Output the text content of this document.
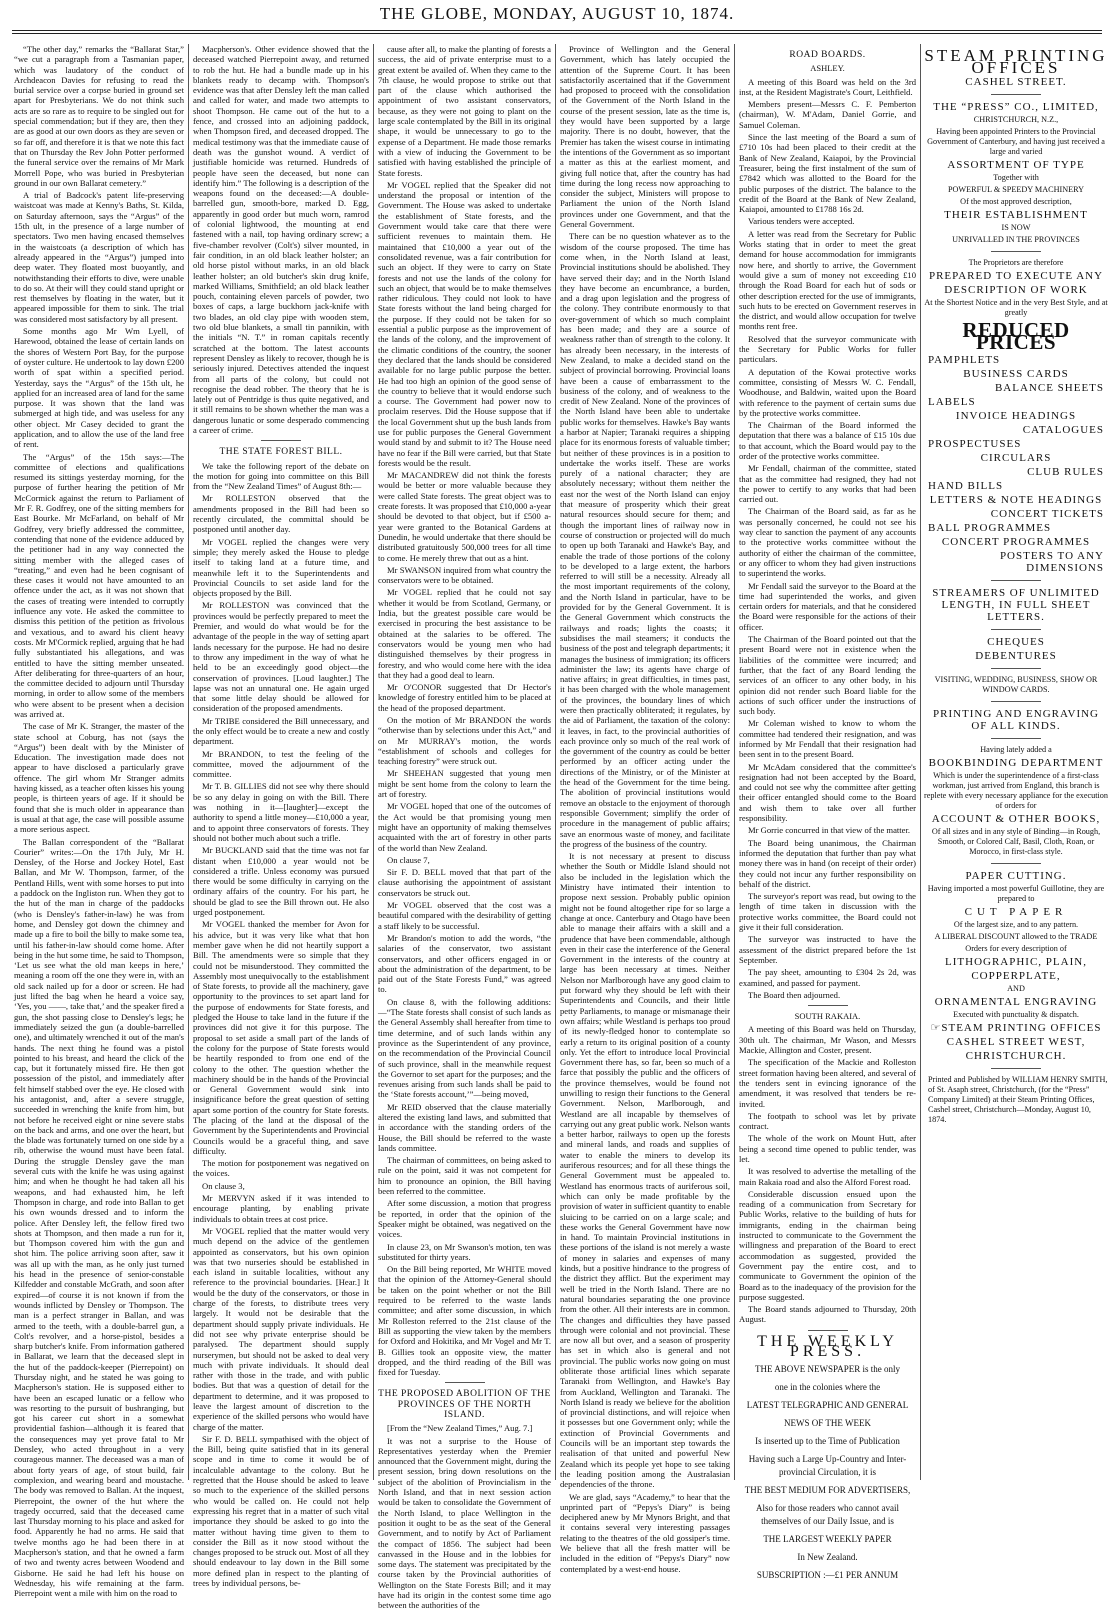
THE GLOBE, MONDAY, AUGUST 10, 1874.

“The other day,” remarks the “Ballarat Star,” “we cut a paragraph from a Tasmanian paper, which was laudatory of the conduct of Archdeacon Davies for refusing to read the burial service over a corpse buried in ground set apart for Presbyterians. We do not think such acts are so rare as to require to be singled out for special commendation; but if they are, then they are as good at our own doors as they are seven or so far off, and therefore it is that we note this fact that on Thursday the Rev John Potter performed the funeral service over the remains of Mr Mark Morrell Pope, who was buried in Presbyterian ground in our own Ballarat cemetery.”

A trial of Badcock's patent life-preserving waistcoat was made at Kenny's Baths, St. Kilda, on Saturday afternoon, says the “Argus” of the 15th ult, in the presence of a large number of spectators. Two men having encased themselves in the waistcoats (a description of which has already appeared in the “Argus”) jumped into deep water. They floated most buoyantly, and notwithstanding their efforts to dive, were unable to do so. At their will they could stand upright or rest themselves by floating in the water, but it appeared impossible for them to sink. The trial was considered most satisfactory by all present.

Some months ago Mr Wm Lyell, of Harewood, obtained the lease of certain lands on the shores of Western Port Bay, for the purpose of oyster culture. He undertook to lay down £200 worth of spat within a specified period. Yesterday, says the “Argus” of the 15th ult, he applied for an increased area of land for the same purpose. It was shown that the land was submerged at high tide, and was useless for any other object. Mr Casey decided to grant the application, and to allow the use of the land free of rent.

The “Argus” of the 15th says:—The committee of elections and qualifications resumed its sittings yesterday morning, for the purpose of further hearing the petition of Mr McCormick against the return to Parliament of Mr F. R. Godfrey, one of the sitting members for East Bourke. Mr McFarland, on behalf of Mr Godfrey, very briefly addressed the committee, contending that none of the evidence adduced by the petitioner had in any way connected the sitting member with the alleged cases of “treating,” and even had he been cognisant of these cases it would not have amounted to an offence under the act, as it was not shown that the cases of treating were intended to corruptly influence any vote. He asked the committee to dismiss this petition of the petition as frivolous and vexatious, and to award his client heavy costs. Mr M'Cormick replied, arguing that he had fully substantiated his allegations, and was entitled to have the sitting member unseated. After deliberating for three-quarters of an hour, the committee decided to adjourn until Thursday morning, in order to allow some of the members who were absent to be present when a decision was arrived at.

The case of Mr K. Stranger, the master of the state school at Coburg, has not (says the “Argus”) been dealt with by the Minister of Education. The investigation made does not appear to have disclosed a particularly grave offence. The girl whom Mr Stranger admits having kissed, as a teacher often kisses his young people, is thirteen years of age. If it should be found that she is much older in appearance than is usual at that age, the case will possible assume a more serious aspect.

The Ballan correspondent of the “Ballarat Courier” writes:—On the 17th July, Mr H. Densley, of the Horse and Jockey Hotel, East Ballan, and Mr W. Thompson, farmer, of the Pentland Hills, went with some horses to put into a paddock on the Ingliston run. When they got to the hut of the man in charge of the paddocks (who is Densley's father-in-law) he was from home, and Densley got down the chimney and made up a fire to boil the billy to make some tea, until his father-in-law should come home. After being in the hut some time, he said to Thompson, ‘Let us see what the old man keeps in here,’ meaning a room off the one they were in, with an old sack nailed up for a door or screen. He had just lifted the bag when he heard a voice say, ‘Yes, you ——, take that,’ and the speaker fired a gun, the shot passing close to Densley's legs; he immediately seized the gun (a double-barrelled one), and ultimately wrenched it out of the man's hands. The next thing he found was a pistol pointed to his breast, and heard the click of the cap, but it fortunately missed fire. He then got possession of the pistol, and immediately after felt himself stabbed over the eye. He closed with his antagonist, and, after a severe struggle, succeeded in wrenching the knife from him, but not before he received eight or nine severe stabs on the back and arms, and one over the heart, but the blade was fortunately turned on one side by a rib, otherwise the wound must have been fatal. During the struggle Densley gave the man several cuts with the knife he was using against him; and when he thought he had taken all his weapons, and had exhausted him, he left Thompson in charge, and rode into Ballan to get his own wounds dressed and to inform the police. After Densley left, the fellow fired two shots at Thompson, and then made a run for it, but Thompson covered him with the gun and shot him. The police arriving soon after, saw it was all up with the man, as he only just turned his head in the presence of senior-constable Kilfedder and constable McGrath, and soon after expired—of course it is not known if from the wounds inflicted by Densley or Thompson. The man is a perfect stranger in Ballan, and was armed to the teeth, with a double-barrel gun, a Colt's revolver, and a horse-pistol, besides a sharp butcher's knife. From information gathered in Ballarat, we learn that the deceased slept in the hut of the paddock-keeper (Pierrepoint) on Thursday night, and he stated he was going to Macpherson's station. He is supposed either to have been an escaped lunatic or a fellow who was resorting to the pursuit of bushranging, but got his career cut short in a somewhat providential fashion—although it is feared that the consequences may yet prove fatal to Mr Densley, who acted throughout in a very courageous manner. The deceased was a man of about forty years of age, of stout build, fair complexion, and wearing beard and moustache. The body was removed to Ballan. At the inquest, Pierrepoint, the owner of the hut where the tragedy occurred, said that the deceased came last Thursday morning to his place and asked for food. Apparently he had no arms. He said that twelve months ago he had been there in at Macpherson's station, and that he owned a farm of two and twenty acres between Woodend and Gisborne. He said he had left his house on Wednesday, his wife remaining at the farm. Pierrepoint went a mile with him on the road to

Macpherson's. Other evidence showed that the deceased watched Pierrepoint away, and returned to rob the hut. He had a bundle made up in his blankets ready to decamp with. Thompson's evidence was that after Densley left the man called and called for water, and made two attempts to shoot Thompson. He came out of the hut to a fence, and crossed into an adjoining paddock, when Thompson fired, and deceased dropped. The medical testimony was that the immediate cause of death was the gunshot wound. A verdict of justifiable homicide was returned. Hundreds of people have seen the deceased, but none can identify him.” The following is a description of the weapons found on the deceased:—A double-barrelled gun, smooth-bore, marked D. Egg, apparently in good order but much worn, ramrod of colonial lightwood, the mounting at end fastened with a nail, top having ordinary screw; a five-chamber revolver (Colt's) silver mounted, in fair condition, in an old black leather holster; an old horse pistol without marks, in an old black leather holster; an old butcher's skin drug knife, marked Williams, Smithfield; an old black leather pouch, containing eleven parcels of powder, two boxes of caps, a large buckhorn jack-knife with two blades, an old clay pipe with wooden stem, two old blue blankets, a small tin pannikin, with the initials “N. T.” in roman capitals recently scratched at the bottom. The latest accounts represent Densley as likely to recover, though he is seriously injured. Detectives attended the inquest from all parts of the colony, but could not recognise the dead robber. The theory that he is lately out of Pentridge is thus quite negatived, and it still remains to be shown whether the man was a dangerous lunatic or some desperado commencing a career of crime.

THE STATE FOREST BILL.

We take the following report of the debate on the motion for going into committee on this Bill from the “New Zealand Times” of August 8th:—

Mr ROLLESTON observed that the amendments proposed in the Bill had been so recently circulated, the committal should be postponed until another day.

Mr VOGEL replied the changes were very simple; they merely asked the House to pledge itself to taking land at a future time, and meanwhile left it to the Superintendents and Provincial Councils to set aside land for the objects proposed by the Bill.

Mr ROLLESTON was convinced that the provinces would be perfectly prepared to meet the Premier, and would do what would be for the advantage of the people in the way of setting apart lands necessary for the purpose. He had no desire to throw any impediment in the way of what he held to be an exceedingly good object—the conservation of provinces. [Loud laughter.] The lapse was not an unnatural one. He again urged that some little delay should be allowed for consideration of the proposed amendments.

Mr TRIBE considered the Bill unnecessary, and the only effect would be to create a new and costly department.

Mr BRANDON, to test the feeling of the committee, moved the adjournment of the committee.

Mr T. B. GILLIES did not see why there should be so any delay in going on with the Bill. There was nothing in it—[laughter]—except the authority to spend a little money—£10,000 a year, and to appoint three conservators of forests. They should not bother much about such a trifle.

Mr BUCKLAND said that the time was not far distant when £10,000 a year would not be considered a trifle. Unless economy was pursued there would be some difficulty in carrying on the ordinary affairs of the country. For his part, he should be glad to see the Bill thrown out. He also urged postponement.

Mr VOGEL thanked the member for Avon for his advice, but it was very like what that hon member gave when he did not heartily support a Bill. The amendments were so simple that they could not be misunderstood. They committed the Assembly most unequivocally to the establishment of State forests, to provide all the machinery, gave opportunity to the provinces to set apart land for the purpose of endowments for State forests, and pledged the House to take land in the future if the provinces did not give it for this purpose. The proposal to set aside a small part of the lands of the colony for the purpose of State forests would be heartily responded to from one end of the colony to the other. The question whether the machinery should be in the hands of the Provincial or General Government would sink into insignificance before the great question of setting apart some portion of the country for State forests. The placing of the land at the disposal of the Government by the Superintendents and Provincial Councils would be a graceful thing, and save difficulty.

The motion for postponement was negatived on the voices.

On clause 3,

Mr MERVYN asked if it was intended to encourage planting, by enabling private individuals to obtain trees at cost price.

Mr VOGEL replied that the matter would very much depend on the advice of the gentlemen appointed as conservators, but his own opinion was that two nurseries should be established in each island in suitable localities, without any reference to the provincial boundaries. [Hear.] It would be the duty of the conservators, or those in charge of the forests, to distribute trees very largely. It would not be desirable that the department should supply private individuals. He did not see why private enterprise should be paralysed. The department should supply nurserymen, but should not be asked to deal very much with private individuals. It should deal rather with those in the trade, and with public bodies. But that was a question of detail for the department to determine, and it was proposed to leave the largest amount of discretion to the experience of the skilled persons who would have charge of the matter.

Sir F. D. BELL sympathised with the object of the Bill, being quite satisfied that in its general scope and in time to come it would be of incalculable advantage to the colony. But he regretted that the House should be asked to leave so much to the experience of the skilled persons who would be called on. He could not help expressing his regret that in a matter of such vital importance they should be asked to go into the matter without having time given to them to consider the Bill as it now stood without the changes proposed to be struck out. Most of all they should endeavour to lay down in the Bill some more defined plan in respect to the planting of trees by individual persons, be-

cause after all, to make the planting of forests a success, the aid of private enterprise must to a great extent be availed of. When they came to the 7th clause, he would propose to strike out that part of the clause which authorised the appointment of two assistant conservators, because, as they were not going to plant on the large scale contemplated by the Bill in its original shape, it would be unnecessary to go to the expense of a Department. He made those remarks with a view of inducing the Government to be satisfied with having established the principle of State forests.

Mr VOGEL replied that the Speaker did not understand the proposal or intention of the Government. The House was asked to undertake the establishment of State forests, and the Government would take care that there were sufficient revenues to maintain them. He maintained that £10,000 a year out of the consolidated revenue, was a fair contribution for such an object. If they were to carry on State forests and not use the lands of the colony for such an object, that would be to make themselves rather ridiculous. They could not look to have State forests without the land being charged for the purpose. If they could not be taken for so essential a public purpose as the improvement of the lands of the colony, and the improvement of the climatic conditions of the country, the sooner they declared that the lands should be considered available for no large public purpose the better. He had too high an opinion of the good sense of the country to believe that it would endorse such a course. The Government had power now to proclaim reserves. Did the House suppose that if the local Government shut up the bush lands from use for public purposes the General Government would stand by and submit to it? The House need have no fear if the Bill were carried, but that State forests would be the result.

Mr MACANDREW did not think the forests would be better or more valuable because they were called State forests. The great object was to create forests. It was proposed that £10,000 a-year should be devoted to that object, but if £500 a-year were granted to the Botanical Gardens at Dunedin, he would undertake that there should be distributed gratuitously 500,000 trees for all time to come. He merely threw that out as a hint.

Mr SWANSON inquired from what country the conservators were to be obtained.

Mr VOGEL replied that he could not say whether it would be from Scotland, Germany, or India, but the greatest possible care would be exercised in procuring the best assistance to be obtained at the salaries to be offered. The conservators would be young men who had distinguished themselves by their progress in forestry, and who would come here with the idea that they had a good deal to learn.

Mr O'CONOR suggested that Dr Hector's knowledge of forestry entitled him to be placed at the head of the proposed department.

On the motion of Mr BRANDON the words “otherwise than by selections under this Act,” and on Mr MURRAY's motion, the words “establishment of schools and colleges for teaching forestry” were struck out.

Mr SHEEHAN suggested that young men might be sent home from the colony to learn the art of forestry.

Mr VOGEL hoped that one of the outcomes of the Act would be that promising young men might have an opportunity of making themselves acquainted with the art of forestry in other parts of the world than New Zealand.

On clause 7,

Sir F. D. BELL moved that that part of the clause authorising the appointment of assistant conservators be struck out.

Mr VOGEL observed that the cost was a beautiful compared with the desirability of getting a staff likely to be successful.

Mr Brandon's motion to add the words, “the salaries of the conservator, two assistant conservators, and other officers engaged in or about the administration of the department, to be paid out of the State Forests Fund,” was agreed to.

On clause 8, with the following additions:—“The State forests shall consist of such lands as the General Assembly shall hereafter from time to time determine, and of such lands within any province as the Superintendent of any province, on the recommendation of the Provincial Council of such province, shall in the meanwhile request the Governor to set apart for the purposes; and the revenues arising from such lands shall be paid to the ‘State forests account,’”—being moved,

Mr REID observed that the clause materially altered the existing land laws, and submitted that in accordance with the standing orders of the House, the Bill should be referred to the waste lands committee.

The chairman of committees, on being asked to rule on the point, said it was not competent for him to pronounce an opinion, the Bill having been referred to the committee.

After some discussion, a motion that progress be reported, in order that the opinion of the Speaker might be obtained, was negatived on the voices.

In clause 23, on Mr Swanson's motion, ten was substituted for thirty years.

On the Bill being reported, Mr WHITE moved that the opinion of the Attorney-General should be taken on the point whether or not the Bill required to be referred to the waste lands committee; and after some discussion, in which Mr Rolleston referred to the 21st clause of the Bill as supporting the view taken by the members for Oxford and Hokitika, and Mr Vogel and Mr T. B. Gillies took an opposite view, the matter dropped, and the third reading of the Bill was fixed for Tuesday.

THE PROPOSED ABOLITION OF THE PROVINCES OF THE NORTH ISLAND.

[From the “New Zealand Times,” Aug. 7.]

It was not a surprise to the House of Representatives yesterday when the Premier announced that the Government might, during the present session, bring down resolutions on the subject of the abolition of Provincialism in the North Island, and that in next session action would be taken to consolidate the Government of the North Island, to place Wellington in the position it ought to be as the seat of the General Government, and to notify by Act of Parliament the compact of 1856. The subject had been canvassed in the House and in the lobbies for some days. The statement was precipitated by the course taken by the Provincial authorities of Wellington on the State Forests Bill; and it may have had its origin in the contest some time ago between the authorities of the

Province of Wellington and the General Government, which has lately occupied the attention of the Supreme Court. It has been satisfactorily ascertained that if the Government had proposed to proceed with the consolidation of the Government of the North Island in the course of the present session, late as the time is, they would have been supported by a large majority. There is no doubt, however, that the Premier has taken the wisest course in intimating the intentions of the Government as so important a matter as this at the earliest moment, and giving full notice that, after the country has had time during the long recess now approaching to consider the subject, Ministers will propose to Parliament the union of the North Island provinces under one Government, and that the General Government.

There can be no question whatever as to the wisdom of the course proposed. The time has come when, in the North Island at least, Provincial institutions should be abolished. They have served their day; and in the North Island they have become an encumbrance, a burden, and a drag upon legislation and the progress of the colony. They contribute enormously to that over-government of which so much complaint has been made; and they are a source of weakness rather than of strength to the colony. It has already been necessary, in the interests of New Zealand, to make a decided stand on the subject of provincial borrowing. Provincial loans have been a cause of embarrassment to the business of the colony, and of weakness to the credit of New Zealand. None of the provinces of the North Island have been able to undertake public works for themselves. Hawke's Bay wants a harbor at Napier; Taranaki requires a shipping place for its enormous forests of valuable timber; but neither of these provinces is in a position to undertake the works itself. These are works purely of a national character; they are absolutely necessary; without them neither the east nor the west of the North Island can enjoy that measure of prosperity which their great natural resources should secure for them; and though the important lines of railway now in course of construction or projected will do much to open up both Taranaki and Hawke's Bay, and enable the trade of those portions of the colony to be developed to a large extent, the harbors referred to will still be a necessity. Already all the most important requirements of the colony, and the North Island in particular, have to be provided for by the General Government. It is the General Government which constructs the railways and roads; lights the coasts; it subsidises the mail steamers; it conducts the business of the post and telegraph departments; it manages the business of immigration; its officers administer the law; its agents have charge of native affairs; in great difficulties, in times past, it has been charged with the whole management of the provinces, the boundary lines of which were then practically obliterated; it regulates, by the aid of Parliament, the taxation of the colony: it leaves, in fact, to the provincial authorities of each province only so much of the real work of the government of the country as could be better performed by an officer acting under the directions of the Ministry, or of the Minister at the head of the Government for the time being. The abolition of provincial institutions would remove an obstacle to the enjoyment of thorough responsible Government; simplify the order of procedure in the management of public affairs; save an enormous waste of money, and facilitate the progress of the business of the country.

It is not necessary at present to discuss whether the South or Middle Island should not also be included in the legislation which the Ministry have intimated their intention to propose next session. Probably public opinion might not be found altogether ripe for so large a change at once. Canterbury and Otago have been able to manage their affairs with a skill and a prudence that have been commendable, although even in their case the interference of the General Government in the interests of the country at large has been necessary at times. Neither Nelson nor Marlborough have any good claim to put forward why they should be left with their Superintendents and Councils, and their little petty Parliaments, to manage or mismanage their own affairs; while Westland is perhaps too proud of its newly-fledged honor to contemplate so early a return to its original position of a county only. Yet the effort to introduce local Provincial Government there has, so far, been so much of a farce that possibly the public and the officers of the province themselves, would be found not unwilling to resign their functions to the General Government. Nelson, Marlborough, and Westland are all incapable by themselves of carrying out any great public work. Nelson wants a better harbor, railways to open up the forests and mineral lands, and roads and supplies of water to enable the miners to develop its auriferous resources; and for all these things the General Government must be appealed to. Westland has enormous tracts of auriferous soil, which can only be made profitable by the provision of water in sufficient quantity to enable sluicing to be carried on on a large scale; and these works the General Government have now in hand. To maintain Provincial institutions in these portions of the island is not merely a waste of money in salaries and expenses of many kinds, but a positive hindrance to the progress of the district they afflict. But the experiment may well be tried in the North Island. There are no natural boundaries separating the one province from the other. All their interests are in common. The changes and difficulties they have passed through were colonial and not provincial. These are now all but over, and a season of prosperity has set in which also is general and not provincial. The public works now going on must obliterate those artificial lines which separate Taranaki from Wellington, and Hawke's Bay from Auckland, Wellington and Taranaki. The North Island is ready we believe for the abolition of provincial distinctions, and will rejoice when it possesses but one Government only; while the extinction of Provincial Governments and Councils will be an important step towards the realisation of that united and powerful New Zealand which its people yet hope to see taking the leading position among the Australasian dependencies of the throne.

We are glad, says “Academy,” to hear that the unprinted part of “Pepys's Diary” is being deciphered anew by Mr Mynors Bright, and that it contains several very interesting passages relating to the theatres of the old gossiper's time. We believe that all the fresh matter will be included in the edition of “Pepys's Diary” now contemplated by a west-end house.

ROAD BOARDS.

ASHLEY.

A meeting of this Board was held on the 3rd inst, at the Resident Magistrate's Court, Leithfield.

Members present—Messrs C. F. Pemberton (chairman), W. M'Adam, Daniel Gorrie, and Samuel Coleman.

Since the last meeting of the Board a sum of £710 10s had been placed to their credit at the Bank of New Zealand, Kaiapoi, by the Provincial Treasurer, being the first instalment of the sum of £7842 which was allotted to the Board for the public purposes of the district. The balance to the credit of the Board at the Bank of New Zealand, Kaiapoi, amounted to £1788 16s 2d.

Various tenders were accepted.

A letter was read from the Secretary for Public Works stating that in order to meet the great demand for house accommodation for immigrants now here, and shortly to arrive, the Government would give a sum of money not exceeding £10 through the Road Board for each hut of sods or other description erected for the use of immigrants, such huts to be erected on Government reserves in the district, and would allow occupation for twelve months rent free.

Resolved that the surveyor communicate with the Secretary for Public Works for fuller particulars.

A deputation of the Kowai protective works committee, consisting of Messrs W. C. Fendall, Woodhouse, and Baldwin, waited upon the Board with reference to the payment of certain sums due by the protective works committee.

The Chairman of the Board informed the deputation that there was a balance of £15 10s due to that account, which the Board would pay to the order of the protective works committee.

Mr Fendall, chairman of the committee, stated that as the committee had resigned, they had not the power to certify to any works that had been carried out.

The Chairman of the Board said, as far as he was personally concerned, he could not see his way clear to sanction the payment of any accounts to the protective works committee without the authority of either the chairman of the committee, or any officer to whom they had given instructions to superintend the works.

Mr Fendall said the surveyor to the Board at the time had superintended the works, and given certain orders for materials, and that he considered the Board were responsible for the actions of their officer.

The Chairman of the Board pointed out that the present Board were not in existence when the liabilities of the committee were incurred; and further, that the fact of any Board lending the services of an officer to any other body, in his opinion did not render such Board liable for the actions of such officer under the instructions of such body.

Mr Coleman wished to know to whom the committee had tendered their resignation, and was informed by Mr Fendall that their resignation had been sent in to the present Board.

Mr McAdam considered that the committee's resignation had not been accepted by the Board, and could not see why the committee after getting their officer entangled should come to the Board and wish them to take over all further responsibility.

Mr Gorrie concurred in that view of the matter.

The Board being unanimous, the Chairman informed the deputation that further than pay what money there was in hand (on receipt of their order) they could not incur any further responsibility on behalf of the district.

The surveyor's report was read, but owing to the length of time taken in discussion with the protective works committee, the Board could not give it their full consideration.

The surveyor was instructed to have the assessment of the district prepared before the 1st September.

The pay sheet, amounting to £304 2s 2d, was examined, and passed for payment.

The Board then adjourned.

SOUTH RAKAIA.

A meeting of this Board was held on Thursday, 30th ult. The chairman, Mr Wason, and Messrs Mackie, Allington and Coster, present.

The specification of the Mackie and Rolleston street formation having been altered, and several of the tenders sent in evincing ignorance of the amendment, it was resolved that tenders be re-invited.

The footpath to school was let by private contract.

The whole of the work on Mount Hutt, after being a second time opened to public tender, was let.

It was resolved to advertise the metalling of the main Rakaia road and also the Alford Forest road.

Considerable discussion ensued upon the reading of a communication from Secretary for Public Works, relative to the building of huts for immigrants, ending in the chairman being instructed to communicate to the Government the willingness and preparation of the Board to erect accommodation as suggested, provided the Government pay the entire cost, and to communicate to Government the opinion of the Board as to the inadequacy of the provision for the purpose suggested.

The Board stands adjourned to Thursday, 20th August.

THE WEEKLY PRESS.
THE ABOVE NEWSPAPER is the only
one in the colonies where the
LATEST TELEGRAPHIC AND GENERAL
NEWS OF THE WEEK
Is inserted up to the Time of Publication
Having such a Large Up-Country and Inter-provincial Circulation, it is
THE BEST MEDIUM FOR ADVERTISERS,
Also for those readers who cannot avail themselves of our Daily Issue, and is
THE LARGEST WEEKLY PAPER
In New Zealand.
SUBSCRIPTION :—£1 PER ANNUM
STEAM PRINTING OFFICES
CASHEL STREET.
THE “PRESS” CO., LIMITED,
CHRISTCHURCH, N.Z.,
Having been appointed Printers to the Provincial Government of Canterbury, and having just received a large and varied
ASSORTMENT OF TYPE
Together with
POWERFUL & SPEEDY MACHINERY
Of the most approved description,
THEIR ESTABLISHMENT
IS NOW
UNRIVALLED IN THE PROVINCES
The Proprietors are therefore
PREPARED TO EXECUTE ANY
DESCRIPTION OF WORK
At the Shortest Notice and in the very Best Style, and at greatly
REDUCED PRICES
PAMPHLETS
BUSINESS CARDS
BALANCE SHEETS
LABELS
INVOICE HEADINGS
CATALOGUES
PROSPECTUSES
CIRCULARS
CLUB RULES
HAND BILLS
LETTERS & NOTE HEADINGS
CONCERT TICKETS
BALL PROGRAMMES
CONCERT PROGRAMMES
POSTERS TO ANY DIMENSIONS
STREAMERS OF UNLIMITED LENGTH, IN FULL SHEET LETTERS.
CHEQUES
DEBENTURES
VISITING, WEDDING, BUSINESS, SHOW OR WINDOW CARDS.
PRINTING AND ENGRAVING OF ALL KINDS.
Having lately added a
BOOKBINDING DEPARTMENT
Which is under the superintendence of a first-class workman, just arrived from England, this branch is replete with every necessary appliance for the execution of orders for
ACCOUNT & OTHER BOOKS,
Of all sizes and in any style of Binding—in Rough, Smooth, or Colored Calf, Basil, Cloth, Roan, or Morocco, in first-class style.
PAPER CUTTING.
Having imported a most powerful Guillotine, they are prepared to
CUT PAPER
Of the largest size, and to any pattern.
A LIBERAL DISCOUNT allowed to the TRADE
Orders for every description of
LITHOGRAPHIC, PLAIN,
COPPERPLATE,
AND
ORNAMENTAL ENGRAVING
Executed with punctuality & dispatch.
☞STEAM PRINTING OFFICES
CASHEL STREET WEST,
CHRISTCHURCH.
Printed and Published by WILLIAM HENRY SMITH, of St. Asaph street, Christchurch, (for the “Press” Company Limited) at their Steam Printing Offices, Cashel street, Christchurch—Monday, August 10, 1874.
